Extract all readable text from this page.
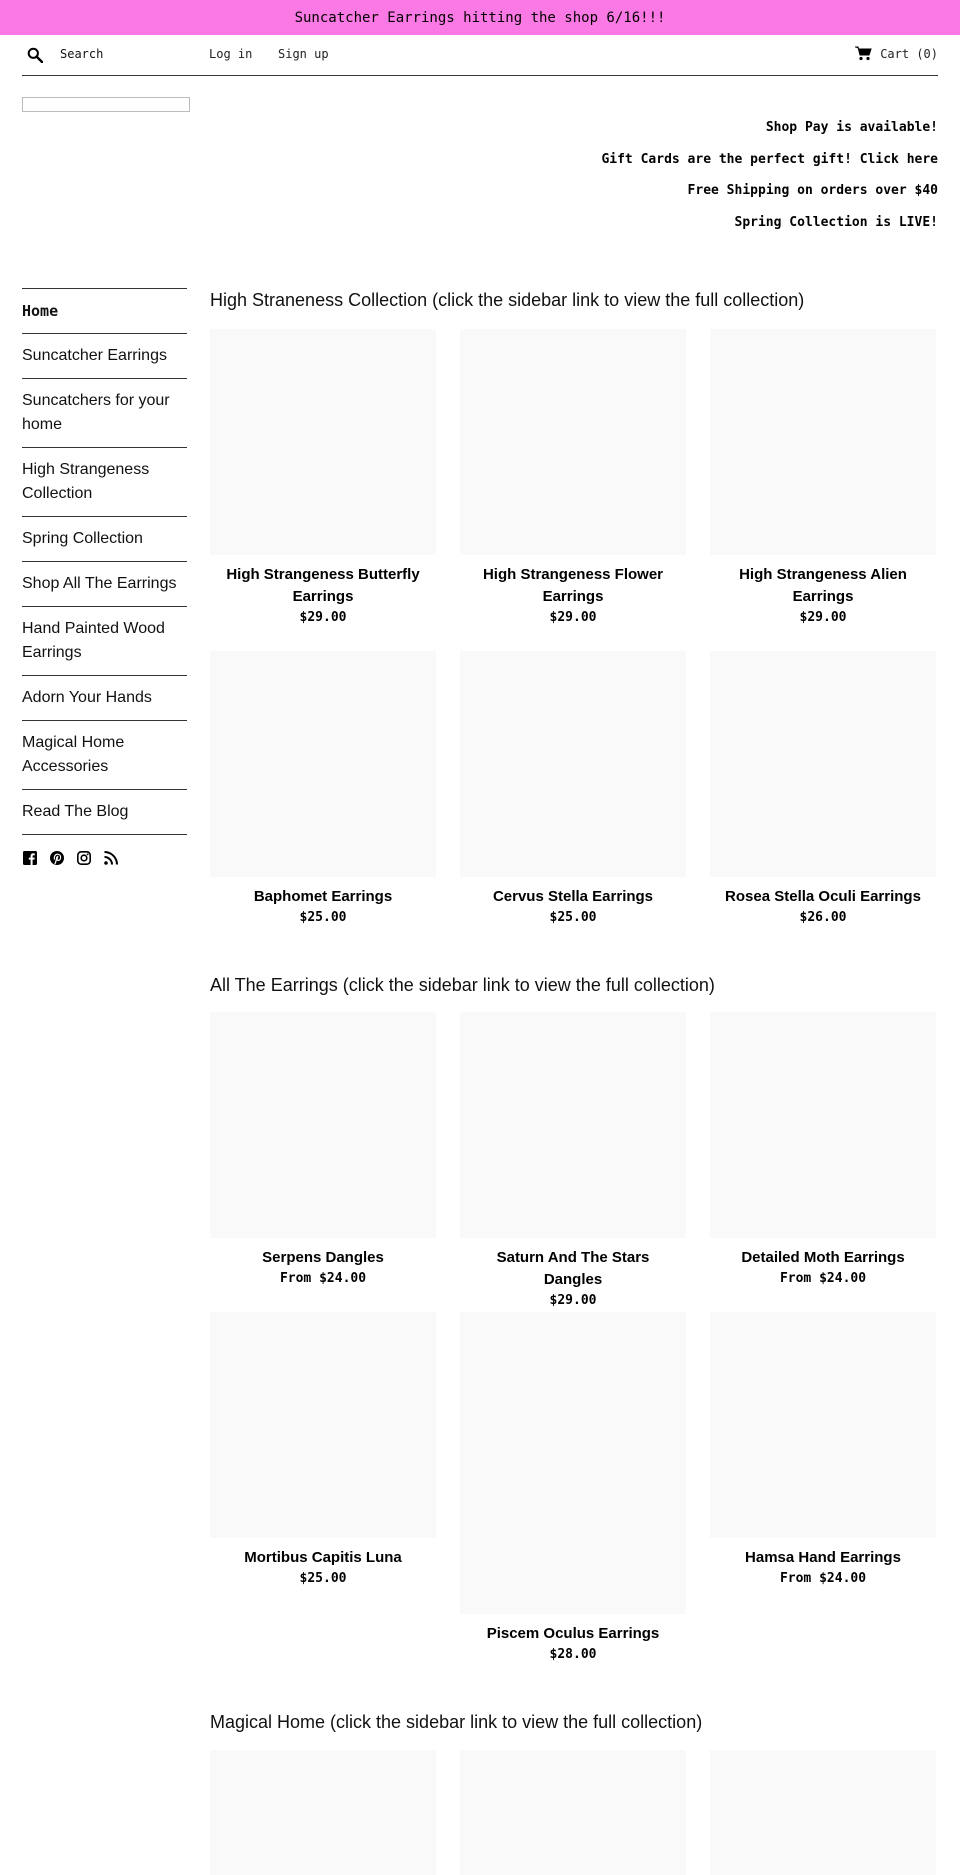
Suncatcher Earrings hitting the shop 6/16!!!
Search
Log in Sign up	Cart (0)
Shop Pay is available!
Gift Cards are the perfect gift! Click here
Free Shipping on orders over $40
Spring Collection is LIVE!
Home
Suncatcher Earrings
Suncatchers for your home
High Strangeness Collection
Spring Collection
Shop All The Earrings
Hand Painted Wood Earrings
Adorn Your Hands
Magical Home Accessories
Read The Blog
High Straneness Collection (click the sidebar link to view the full collection)
High Strangeness Butterfly Earrings
$29.00
High Strangeness Flower Earrings
$29.00
High Strangeness Alien Earrings
$29.00
Baphomet Earrings
$25.00
Cervus Stella Earrings
$25.00
Rosea Stella Oculi Earrings
$26.00
All The Earrings (click the sidebar link to view the full collection)
Serpens Dangles
From $24.00
Saturn And The Stars Dangles
$29.00
Detailed Moth Earrings
From $24.00
Mortibus Capitis Luna
$25.00
Piscem Oculus Earrings
$28.00
Hamsa Hand Earrings
From $24.00
Magical Home (click the sidebar link to view the full collection)
